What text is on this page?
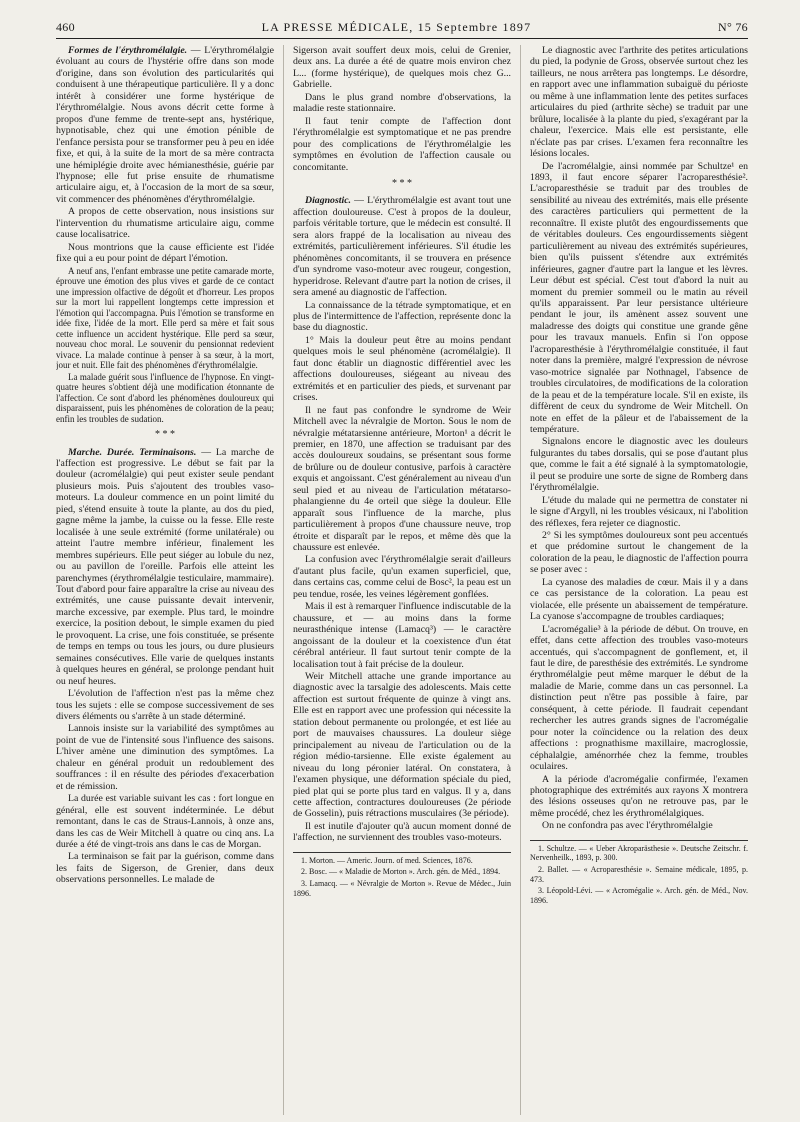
460	LA PRESSE MÉDICALE, 15 Septembre 1897	N° 76

Formes de l'érythromélalgie. — L'érythromélalgie évoluant au cours de l'hystérie offre dans son mode d'origine, dans son évolution des particularités qui conduisent à une thérapeutique particulière. Il y a donc intérêt à considérer une forme hystérique de l'érythromélalgie. Nous avons décrit cette forme à propos d'une femme de trente-sept ans, hystérique, hypnotisable, chez qui une émotion pénible de l'enfance persista pour se transformer peu à peu en idée fixe, et qui, à la suite de la mort de sa mère contracta une hémiplégie droite avec hémianesthésie, guérie par l'hypnose; elle fut prise ensuite de rhumatisme articulaire aigu, et, à l'occasion de la mort de sa sœur, vit commencer des phénomènes d'érythromélalgie.

A propos de cette observation, nous insistions sur l'intervention du rhumatisme articulaire aigu, comme cause localisatrice.

Nous montrions que la cause efficiente est l'idée fixe qui a eu pour point de départ l'émotion.

A neuf ans, l'enfant embrasse une petite camarade morte, éprouve une émotion des plus vives et garde de ce contact une impression olfactive de dégoût et d'horreur. Les propos sur la mort lui rappellent longtemps cette impression et l'émotion qui l'accompagna. Puis l'émotion se transforme en idée fixe, l'idée de la mort. Elle perd sa mère et fait sous cette influence un accident hystérique. Elle perd sa sœur, nouveau choc moral. Le souvenir du pensionnat redevient vivace. La malade continue à penser à sa sœur, à la mort, jour et nuit. Elle fait des phénomènes d'érythromélalgie.

La malade guérit sous l'influence de l'hypnose. En vingt-quatre heures s'obtient déjà une modification étonnante de l'affection. Ce sont d'abord les phénomènes douloureux qui disparaissent, puis les phénomènes de coloration de la peau; enfin les troubles de sudation.

* * *

Marche. Durée. Terminaisons. — La marche de l'affection est progressive. Le début se fait par la douleur (acromélalgie) qui peut exister seule pendant plusieurs mois. Puis s'ajoutent des troubles vaso-moteurs. La douleur commence en un point limité du pied, s'étend ensuite à toute la plante, au dos du pied, gagne même la jambe, la cuisse ou la fesse. Elle reste localisée à une seule extrémité (forme unilatérale) ou atteint l'autre membre inférieur, finalement les membres supérieurs. Elle peut siéger au lobule du nez, ou au pavillon de l'oreille. Parfois elle atteint les parenchymes (érythromélalgie testiculaire, mammaire). Tout d'abord pour faire apparaître la crise au niveau des extrémités, une cause puissante devait intervenir, marche excessive, par exemple. Plus tard, le moindre exercice, la position debout, le simple examen du pied le provoquent. La crise, une fois constituée, se présente de temps en temps ou tous les jours, ou dure plusieurs semaines consécutives. Elle varie de quelques instants à quelques heures en général, se prolonge pendant huit ou neuf heures.

L'évolution de l'affection n'est pas la même chez tous les sujets : elle se compose successivement de ses divers éléments ou s'arrête à un stade déterminé.

Lannois insiste sur la variabilité des symptômes au point de vue de l'intensité sous l'influence des saisons. L'hiver amène une diminution des symptômes. La chaleur en général produit un redoublement des souffrances : il en résulte des périodes d'exacerbation et de rémission.

La durée est variable suivant les cas : fort longue en général, elle est souvent indéterminée. Le début remontant, dans le cas de Straus-Lannois, à onze ans, dans les cas de Weir Mitchell à quatre ou cinq ans. La durée a été de vingt-trois ans dans le cas de Morgan.

La terminaison se fait par la guérison, comme dans les faits de Sigerson, de Grenier, dans deux observations personnelles. Le malade de

Sigerson avait souffert deux mois, celui de Grenier, deux ans. La durée a été de quatre mois environ chez L... (forme hystérique), de quelques mois chez G... Gabrielle.

Dans le plus grand nombre d'observations, la maladie reste stationnaire.

Il faut tenir compte de l'affection dont l'érythromélalgie est symptomatique et ne pas prendre pour des complications de l'érythromélalgie les symptômes en évolution de l'affection causale ou concomitante.

* * *

Diagnostic. — L'érythromélalgie est avant tout une affection douloureuse. C'est à propos de la douleur, parfois véritable torture, que le médecin est consulté. Il sera alors frappé de la localisation au niveau des extrémités, particulièrement inférieures. S'il étudie les phénomènes concomitants, il se trouvera en présence d'un syndrome vaso-moteur avec rougeur, congestion, hyperidrose. Relevant d'autre part la notion de crises, il sera amené au diagnostic de l'affection.

La connaissance de la tétrade symptomatique, et en plus de l'intermittence de l'affection, représente donc la base du diagnostic.

1° Mais la douleur peut être au moins pendant quelques mois le seul phénomène (acromélalgie). Il faut donc établir un diagnostic différentiel avec les affections douloureuses, siégeant au niveau des extrémités et en particulier des pieds, et survenant par crises.

Il ne faut pas confondre le syndrome de Weir Mitchell avec la névralgie de Morton. Sous le nom de névralgie métatarsienne antérieure, Morton¹ a décrit le premier, en 1870, une affection se traduisant par des accès douloureux soudains, se présentant sous forme de brûlure ou de douleur contusive, parfois à caractère exquis et angoissant. C'est généralement au niveau d'un seul pied et au niveau de l'articulation métatarso-phalangienne du 4e orteil que siège la douleur. Elle apparaît sous l'influence de la marche, plus particulièrement à propos d'une chaussure neuve, trop étroite et disparaît par le repos, et même dès que la chaussure est enlevée.

La confusion avec l'érythromélalgie serait d'ailleurs d'autant plus facile, qu'un examen superficiel, que, dans certains cas, comme celui de Bosc², la peau est un peu tendue, rosée, les veines légèrement gonflées.

Mais il est à remarquer l'influence indiscutable de la chaussure, et — au moins dans la forme neurasthénique intense (Lamacq³) — le caractère angoissant de la douleur et la coexistence d'un état cérébral antérieur. Il faut surtout tenir compte de la localisation tout à fait précise de la douleur.

Weir Mitchell attache une grande importance au diagnostic avec la tarsalgie des adolescents. Mais cette affection est surtout fréquente de quinze à vingt ans. Elle est en rapport avec une profession qui nécessite la station debout permanente ou prolongée, et est liée au port de mauvaises chaussures. La douleur siège principalement au niveau de l'articulation ou de la région médio-tarsienne. Elle existe également au niveau du long péronier latéral. On constatera, à l'examen physique, une déformation spéciale du pied, pied plat qui se porte plus tard en valgus. Il y a, dans cette affection, contractures douloureuses (2e période de Gosselin), puis rétractions musculaires (3e période).

Il est inutile d'ajouter qu'à aucun moment donné de l'affection, ne surviennent des troubles vaso-moteurs.

1. Morton. — Americ. Journ. of med. Sciences, 1876.

2. Bosc. — « Maladie de Morton ». Arch. gén. de Méd., 1894.

3. Lamacq. — « Névralgie de Morton ». Revue de Médec., Juin 1896.

Le diagnostic avec l'arthrite des petites articulations du pied, la podynie de Gross, observée surtout chez les tailleurs, ne nous arrêtera pas longtemps. Le désordre, en rapport avec une inflammation subaiguë du périoste ou même à une inflammation lente des petites surfaces articulaires du pied (arthrite sèche) se traduit par une brûlure, localisée à la plante du pied, s'exagérant par la chaleur, l'exercice. Mais elle est persistante, elle n'éclate pas par crises. L'examen fera reconnaître les lésions locales.

De l'acromélalgie, ainsi nommée par Schultze¹ en 1893, il faut encore séparer l'acroparesthésie². L'acroparesthésie se traduit par des troubles de sensibilité au niveau des extrémités, mais elle présente des caractères particuliers qui permettent de la reconnaître. Il existe plutôt des engourdissements que de véritables douleurs. Ces engourdissements siègent particulièrement au niveau des extrémités supérieures, bien qu'ils puissent s'étendre aux extrémités inférieures, gagner d'autre part la langue et les lèvres. Leur début est spécial. C'est tout d'abord la nuit au moment du premier sommeil ou le matin au réveil qu'ils apparaissent. Par leur persistance ultérieure pendant le jour, ils amènent assez souvent une maladresse des doigts qui constitue une grande gêne pour les travaux manuels. Enfin si l'on oppose l'acroparesthésie à l'érythromélalgie constituée, il faut noter dans la première, malgré l'expression de névrose vaso-motrice signalée par Nothnagel, l'absence de troubles circulatoires, de modifications de la coloration de la peau et de la température locale. S'il en existe, ils diffèrent de ceux du syndrome de Weir Mitchell. On note en effet de la pâleur et de l'abaissement de la température.

Signalons encore le diagnostic avec les douleurs fulgurantes du tabes dorsalis, qui se pose d'autant plus que, comme le fait a été signalé à la symptomatologie, il peut se produire une sorte de signe de Romberg dans l'érythromélalgie.

L'étude du malade qui ne permettra de constater ni le signe d'Argyll, ni les troubles vésicaux, ni l'abolition des réflexes, fera rejeter ce diagnostic.

2° Si les symptômes douloureux sont peu accentués et que prédomine surtout le changement de la coloration de la peau, le diagnostic de l'affection pourra se poser avec :

La cyanose des maladies de cœur. Mais il y a dans ce cas persistance de la coloration. La peau est violacée, elle présente un abaissement de température. La cyanose s'accompagne de troubles cardiaques;

L'acromégalie³ à la période de début. On trouve, en effet, dans cette affection des troubles vaso-moteurs accentués, qui s'accompagnent de gonflement, et, il faut le dire, de paresthésie des extrémités. Le syndrome érythromélalgie peut même marquer le début de la maladie de Marie, comme dans un cas personnel. La distinction peut n'être pas possible à faire, par conséquent, à cette période. Il faudrait cependant rechercher les autres grands signes de l'acromégalie pour noter la coïncidence ou la relation des deux affections : prognathisme maxillaire, macroglossie, céphalalgie, aménorrhée chez la femme, troubles oculaires.

A la période d'acromégalie confirmée, l'examen photographique des extrémités aux rayons X montrera des lésions osseuses qu'on ne retrouve pas, par le même procédé, chez les érythromélalgiques.

On ne confondra pas avec l'érythromélalgie

1. Schultze. — « Ueber Akroparästhesie ». Deutsche Zeitschr. f. Nervenheilk., 1893, p. 300.

2. Ballet. — « Acroparesthésie ». Semaine médicale, 1895, p. 473.

3. Léopold-Lévi. — « Acromégalie ». Arch. gén. de Méd., Nov. 1896.
